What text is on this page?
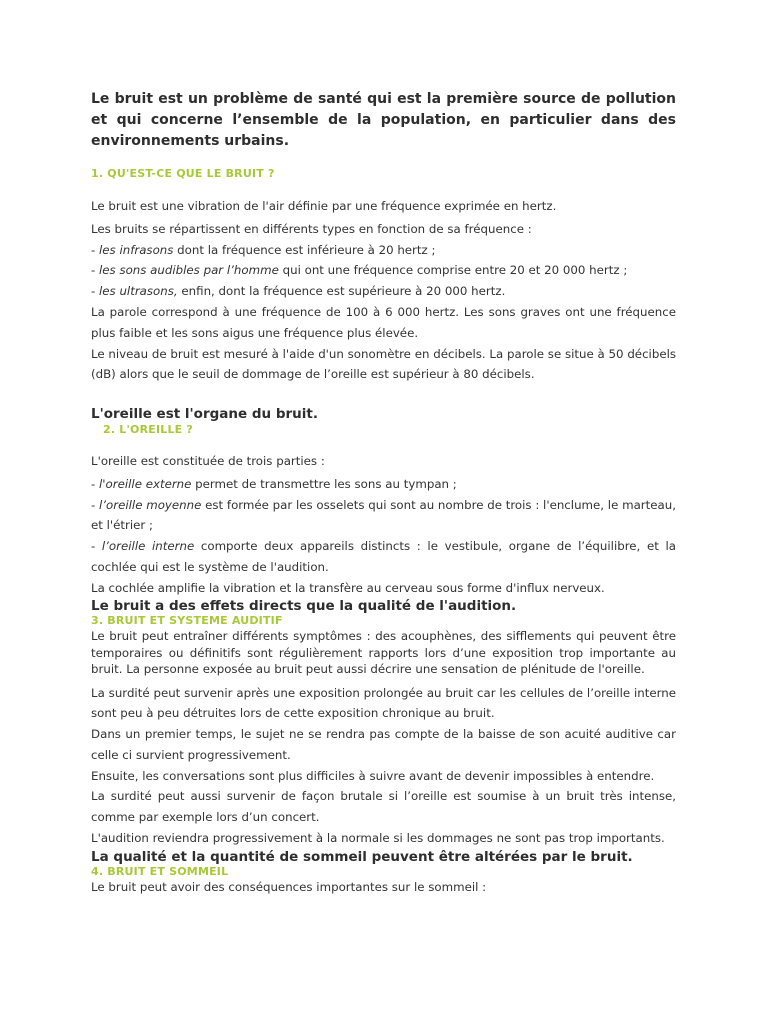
Le bruit est un problème de santé qui est la première source de pollution et qui concerne l’ensemble de la population, en particulier dans des environnements urbains.
1. QU'EST-CE QUE LE BRUIT ?

Le bruit est une vibration de l'air définie par une fréquence exprimée en hertz.

Les bruits se répartissent en différents types en fonction de sa fréquence :

- les infrasons dont la fréquence est inférieure à 20 hertz ;

- les sons audibles par l’homme qui ont une fréquence comprise entre 20 et 20 000 hertz ;

- les ultrasons, enfin, dont la fréquence est supérieure à 20 000 hertz.

La parole correspond à une fréquence de 100 à 6 000 hertz. Les sons graves ont une fréquence plus faible et les sons aigus une fréquence plus élevée.

Le niveau de bruit est mesuré à l'aide d'un sonomètre en décibels. La parole se situe à 50 décibels (dB) alors que le seuil de dommage de l’oreille est supérieur à 80 décibels.

L'oreille est l'organe du bruit.
2. L'OREILLE ?

L'oreille est constituée de trois parties :

- l'oreille externe permet de transmettre les sons au tympan ;

- l’oreille moyenne est formée par les osselets qui sont au nombre de trois : l'enclume, le marteau, et l'étrier ;

- l’oreille interne comporte deux appareils distincts : le vestibule, organe de l’équilibre, et la cochlée qui est le système de l'audition.

La cochlée amplifie la vibration et la transfère au cerveau sous forme d'influx nerveux.

Le bruit a des effets directs que la qualité de l'audition.
3. BRUIT ET SYSTEME AUDITIF

Le bruit peut entraîner différents symptômes : des acouphènes, des sifflements qui peuvent être temporaires ou définitifs sont régulièrement rapports lors d’une exposition trop importante au bruit. La personne exposée au bruit peut aussi décrire une sensation de plénitude de l'oreille.

La surdité peut survenir après une exposition prolongée au bruit car les cellules de l’oreille interne sont peu à peu détruites lors de cette exposition chronique au bruit.

Dans un premier temps, le sujet ne se rendra pas compte de la baisse de son acuité auditive car celle ci survient progressivement.

Ensuite, les conversations sont plus difficiles à suivre avant de devenir impossibles à entendre.

La surdité peut aussi survenir de façon brutale si l’oreille est soumise à un bruit très intense, comme par exemple lors d’un concert.

L'audition reviendra progressivement à la normale si les dommages ne sont pas trop importants.

La qualité et la quantité de sommeil peuvent être altérées par le bruit.
4. BRUIT ET SOMMEIL

Le bruit peut avoir des conséquences importantes sur le sommeil :
